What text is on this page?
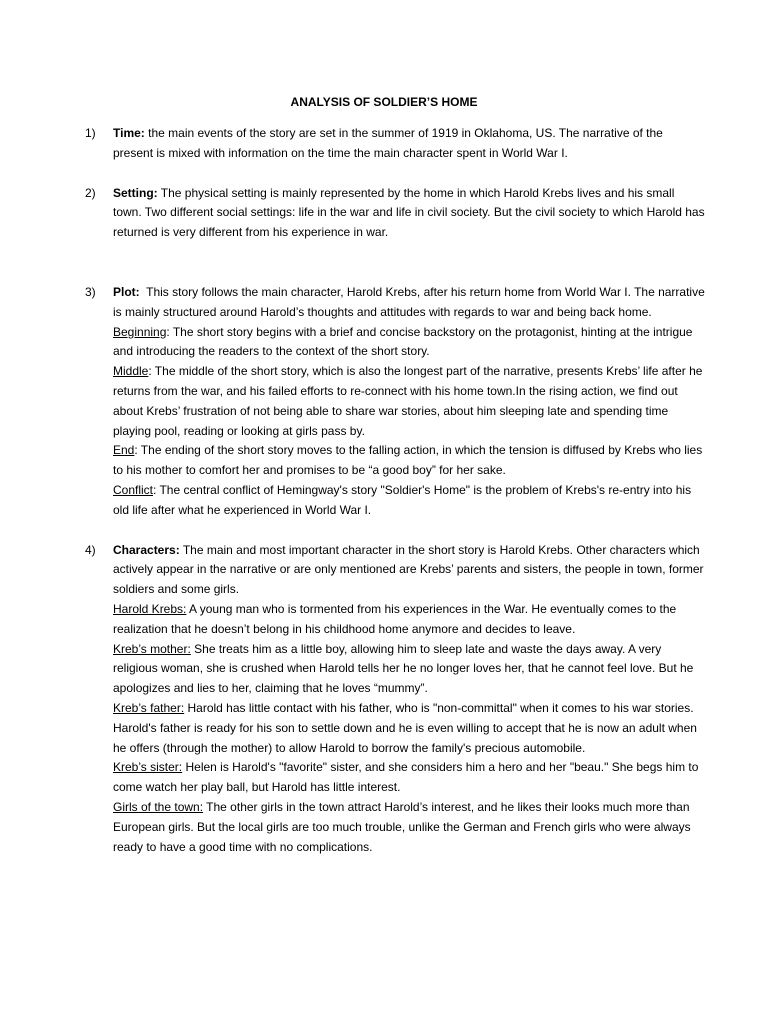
ANALYSIS OF SOLDIER’S HOME
1) Time: the main events of the story are set in the summer of 1919 in Oklahoma, US. The narrative of the present is mixed with information on the time the main character spent in World War I.

2) Setting: The physical setting is mainly represented by the home in which Harold Krebs lives and his small town. Two different social settings: life in the war and life in civil society. But the civil society to which Harold has returned is very different from his experience in war.

3) Plot: This story follows the main character, Harold Krebs, after his return home from World War I. The narrative is mainly structured around Harold’s thoughts and attitudes with regards to war and being back home.

Beginning: The short story begins with a brief and concise backstory on the protagonist, hinting at the intrigue and introducing the readers to the context of the short story.

Middle: The middle of the short story, which is also the longest part of the narrative, presents Krebs’ life after he returns from the war, and his failed efforts to re-connect with his home town.In the rising action, we find out about Krebs’ frustration of not being able to share war stories, about him sleeping late and spending time playing pool, reading or looking at girls pass by.

End: The ending of the short story moves to the falling action, in which the tension is diffused by Krebs who lies to his mother to comfort her and promises to be “a good boy” for her sake.

Conflict: The central conflict of Hemingway's story "Soldier's Home" is the problem of Krebs's re-entry into his old life after what he experienced in World War I.

4) Characters: The main and most important character in the short story is Harold Krebs. Other characters which actively appear in the narrative or are only mentioned are Krebs’ parents and sisters, the people in town, former soldiers and some girls.

Harold Krebs: A young man who is tormented from his experiences in the War. He eventually comes to the realization that he doesn’t belong in his childhood home anymore and decides to leave.

Kreb’s mother: She treats him as a little boy, allowing him to sleep late and waste the days away. A very religious woman, she is crushed when Harold tells her he no longer loves her, that he cannot feel love. But he apologizes and lies to her, claiming that he loves “mummy”.

Kreb’s father: Harold has little contact with his father, who is "non-committal" when it comes to his war stories. Harold's father is ready for his son to settle down and he is even willing to accept that he is now an adult when he offers (through the mother) to allow Harold to borrow the family's precious automobile.

Kreb’s sister: Helen is Harold's "favorite" sister, and she considers him a hero and her "beau." She begs him to come watch her play ball, but Harold has little interest.

Girls of the town: The other girls in the town attract Harold’s interest, and he likes their looks much more than European girls. But the local girls are too much trouble, unlike the German and French girls who were always ready to have a good time with no complications.
